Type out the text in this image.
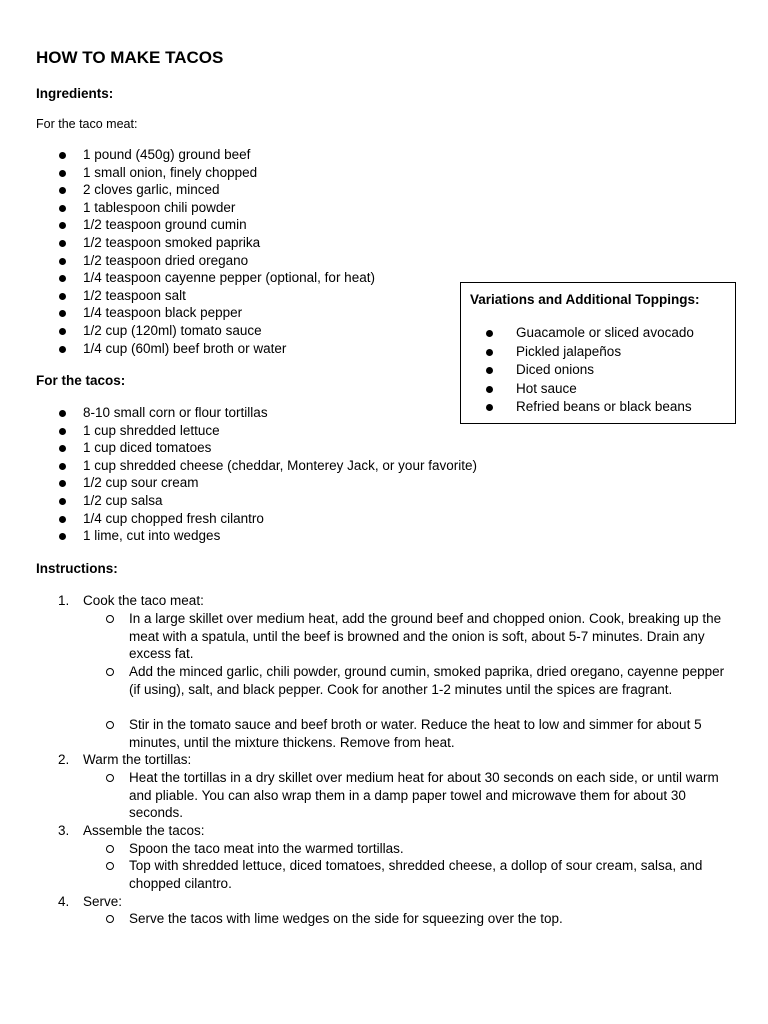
HOW TO MAKE TACOS
Ingredients:
For the taco meat:
1 pound (450g) ground beef
1 small onion, finely chopped
2 cloves garlic, minced
1 tablespoon chili powder
1/2 teaspoon ground cumin
1/2 teaspoon smoked paprika
1/2 teaspoon dried oregano
1/4 teaspoon cayenne pepper (optional, for heat)
1/2 teaspoon salt
1/4 teaspoon black pepper
1/2 cup (120ml) tomato sauce
1/4 cup (60ml) beef broth or water
Variations and Additional Toppings:
Guacamole or sliced avocado
Pickled jalapeños
Diced onions
Hot sauce
Refried beans or black beans
For the tacos:
8-10 small corn or flour tortillas
1 cup shredded lettuce
1 cup diced tomatoes
1 cup shredded cheese (cheddar, Monterey Jack, or your favorite)
1/2 cup sour cream
1/2 cup salsa
1/4 cup chopped fresh cilantro
1 lime, cut into wedges
Instructions:
1. Cook the taco meat:
In a large skillet over medium heat, add the ground beef and chopped onion. Cook, breaking up the meat with a spatula, until the beef is browned and the onion is soft, about 5-7 minutes. Drain any excess fat.
Add the minced garlic, chili powder, ground cumin, smoked paprika, dried oregano, cayenne pepper (if using), salt, and black pepper. Cook for another 1-2 minutes until the spices are fragrant.
Stir in the tomato sauce and beef broth or water. Reduce the heat to low and simmer for about 5 minutes, until the mixture thickens. Remove from heat.
2. Warm the tortillas:
Heat the tortillas in a dry skillet over medium heat for about 30 seconds on each side, or until warm and pliable. You can also wrap them in a damp paper towel and microwave them for about 30 seconds.
3. Assemble the tacos:
Spoon the taco meat into the warmed tortillas.
Top with shredded lettuce, diced tomatoes, shredded cheese, a dollop of sour cream, salsa, and chopped cilantro.
4. Serve:
Serve the tacos with lime wedges on the side for squeezing over the top.
